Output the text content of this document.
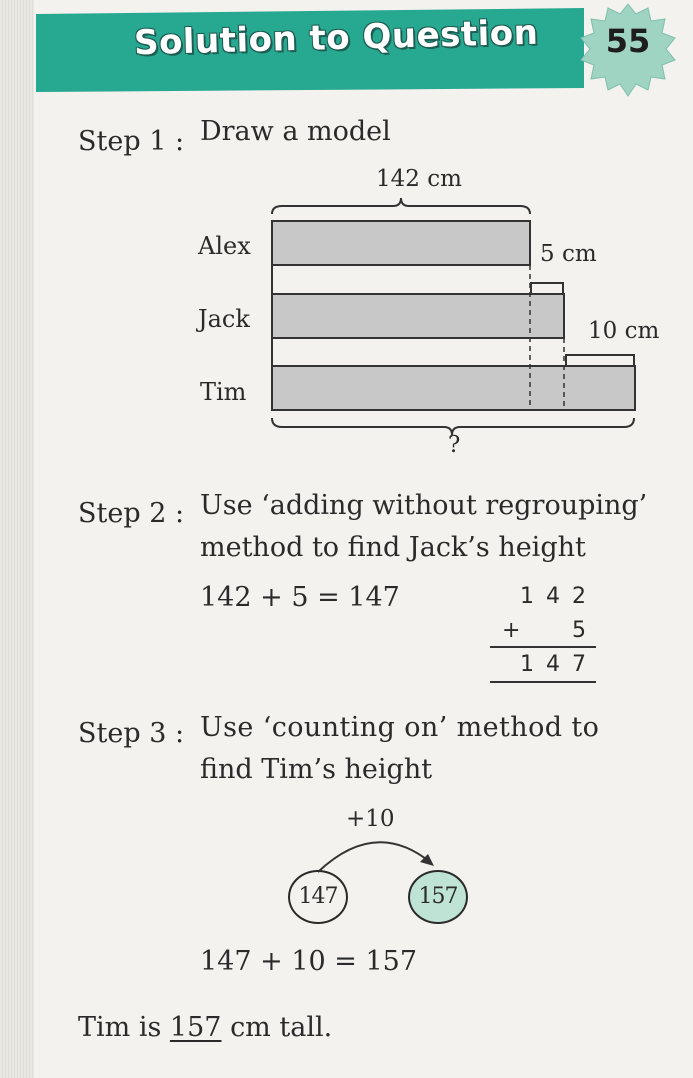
Solution to Question	55
Step 1 : Draw a model
142 cm
Alex	5 cm
Jack	10 cm
Tim
?
Step 2 : Use ‘adding without regrouping’
method to find Jack’s height
142 + 5 = 147	142
+ 5
147
Step 3 : Use ‘counting on’ method to
find Tim’s height
+10
147	157
147 + 10 = 157
Tim is 157 cm tall.
